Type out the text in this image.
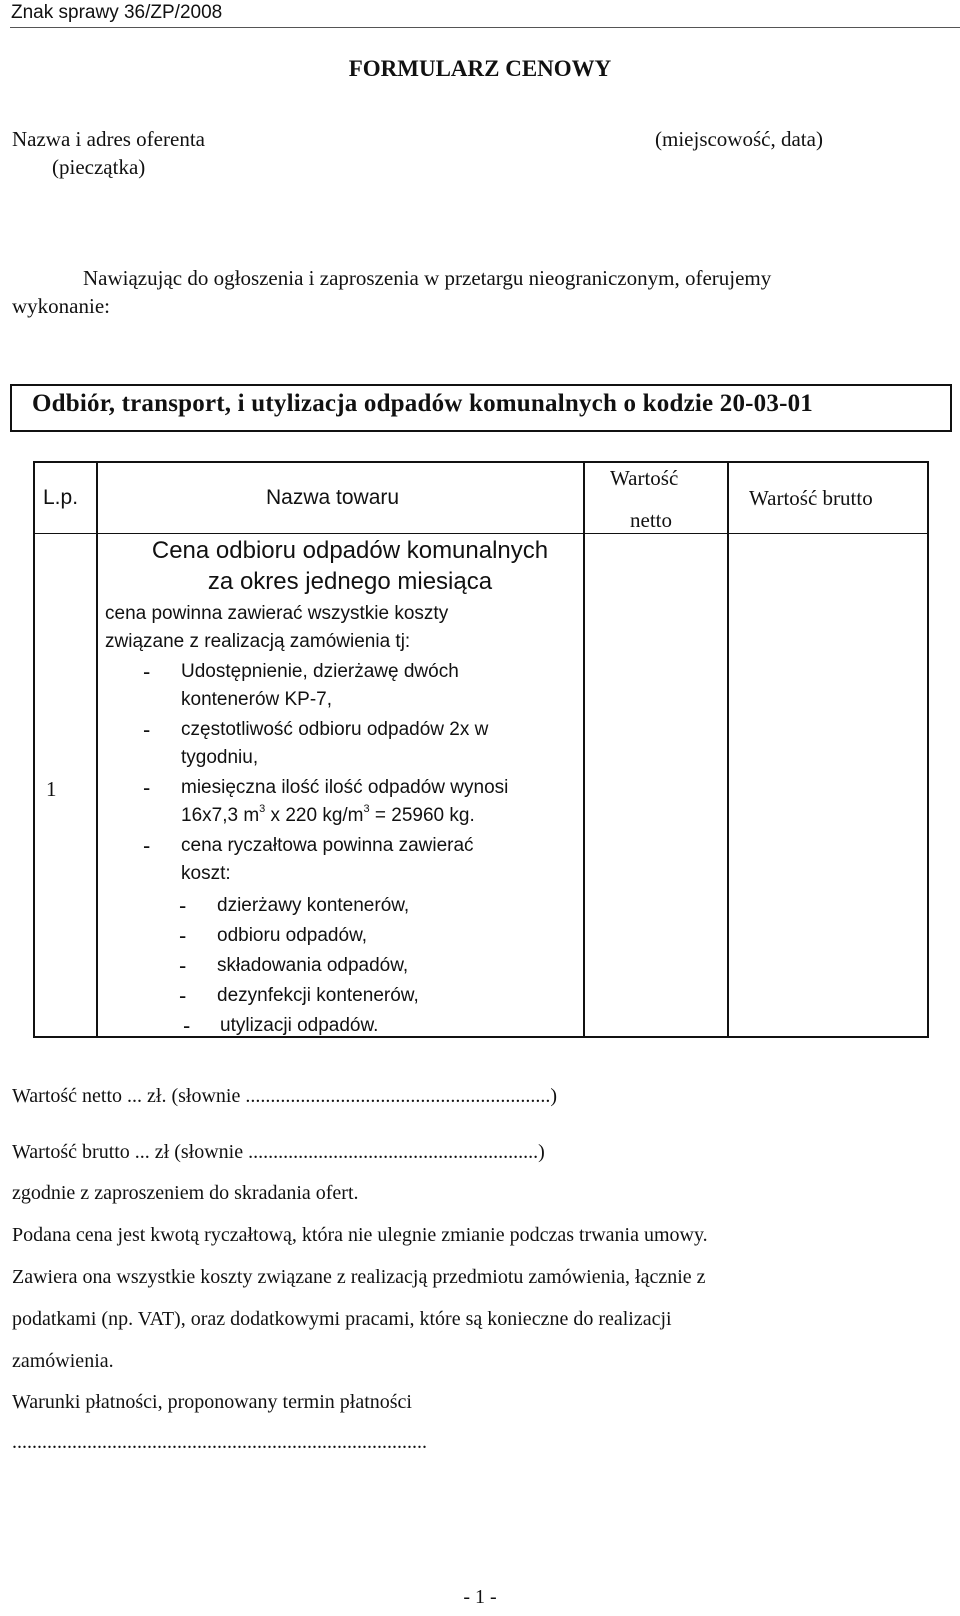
Znak sprawy 36/ZP/2008
FORMULARZ CENOWY
Nazwa i adres oferenta
(pieczątka)
(miejscowość, data)
Nawiązując do ogłoszenia i zaproszenia w przetargu nieograniczonym, oferujemy
wykonanie:
Odbiór, transport, i utylizacja odpadów komunalnych o kodzie 20-03-01
L.p.	Nazwa towaru
Wartość
netto
Wartość brutto
1
Cena odbioru odpadów komunalnych
za okres jednego miesiąca
cena powinna zawierać wszystkie koszty
związane z realizacją zamówienia tj:
- Udostępnienie, dzierżawę dwóch
kontenerów KP-7,
- częstotliwość odbioru odpadów 2x w
tygodniu,
- miesięczna ilość ilość odpadów wynosi
16x7,3 $m^3$ x 220 $kg/m^3 = 25960$ kg.
- cena ryczałtowa powinna zawierać
koszt:
- dzierżawy kontenerów,
- odbioru odpadów,
- składowania odpadów,
- dezynfekcji kontenerów,
- utylizacji odpadów.
Wartość netto ... zł. (słownie .............................................................)
Wartość brutto ... zł (słownie ..........................................................)
zgodnie z zaproszeniem do skradania ofert.
Podana cena jest kwotą ryczałtową, która nie ulegnie zmianie podczas trwania umowy.
Zawiera ona wszystkie koszty związane z realizacją przedmiotu zamówienia, łącznie z
podatkami (np. VAT), oraz dodatkowymi pracami, które są konieczne do realizacji
zamówienia.
Warunki płatności, proponowany termin płatności
...................................................................................
- 1 -
